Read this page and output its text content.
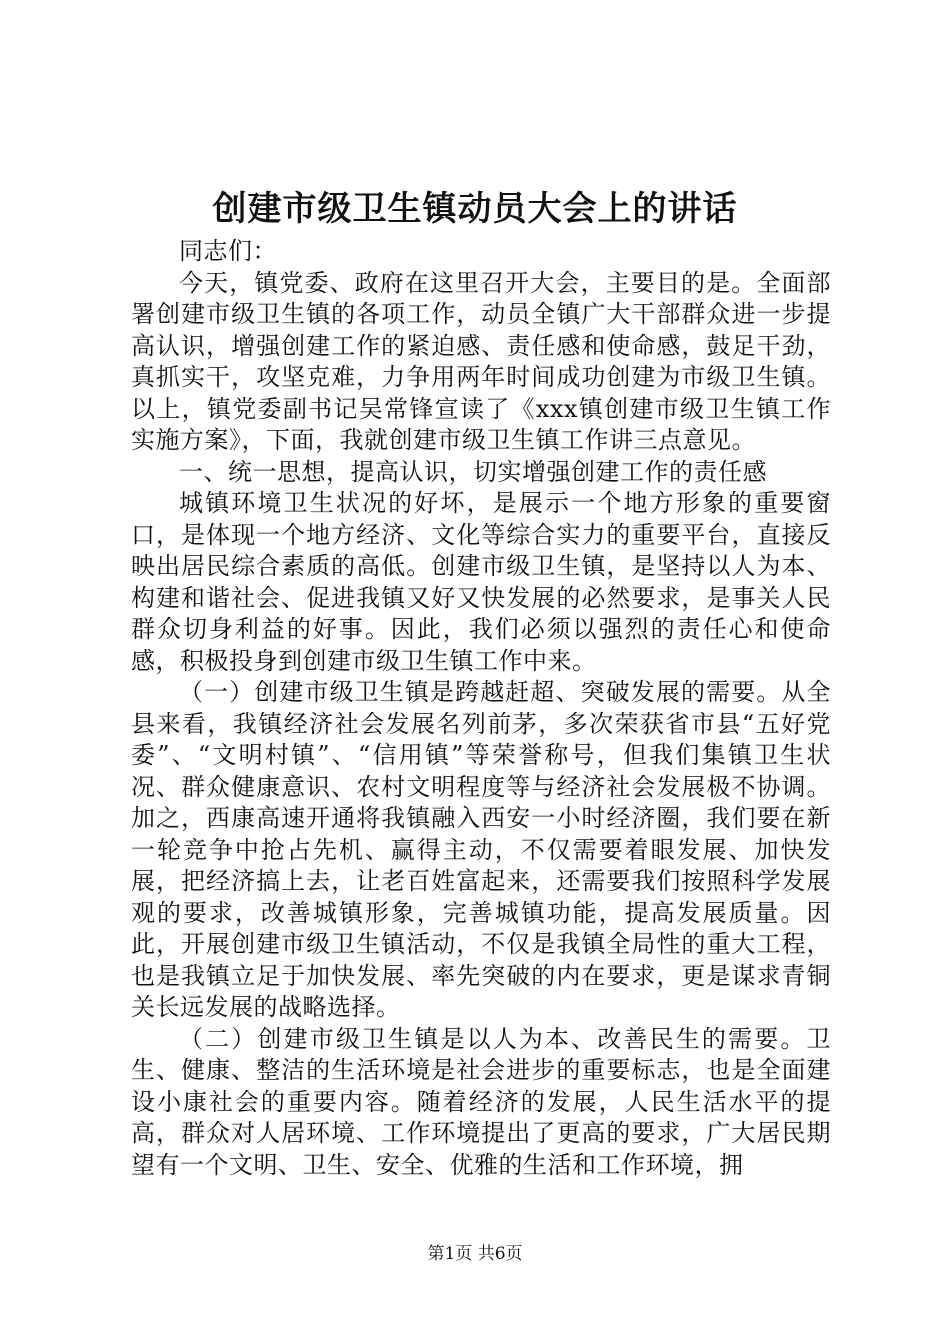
创建市级卫生镇动员大会上的讲话

同志们：

今天，镇党委、政府在这里召开大会，主要目的是。全面部署创建市级卫生镇的各项工作，动员全镇广大干部群众进一步提高认识，增强创建工作的紧迫感、责任感和使命感，鼓足干劲，真抓实干，攻坚克难，力争用两年时间成功创建为市级卫生镇。以上，镇党委副书记吴常锋宣读了《xxx镇创建市级卫生镇工作实施方案》，下面，我就创建市级卫生镇工作讲三点意见。

一、统一思想，提高认识，切实增强创建工作的责任感

城镇环境卫生状况的好坏，是展示一个地方形象的重要窗口，是体现一个地方经济、文化等综合实力的重要平台，直接反映出居民综合素质的高低。创建市级卫生镇，是坚持以人为本、构建和谐社会、促进我镇又好又快发展的必然要求，是事关人民群众切身利益的好事。因此，我们必须以强烈的责任心和使命感，积极投身到创建市级卫生镇工作中来。

（一）创建市级卫生镇是跨越赶超、突破发展的需要。从全县来看，我镇经济社会发展名列前茅，多次荣获省市县“五好党委”、“文明村镇”、“信用镇”等荣誉称号，但我们集镇卫生状况、群众健康意识、农村文明程度等与经济社会发展极不协调。加之，西康高速开通将我镇融入西安一小时经济圈，我们要在新一轮竞争中抢占先机、赢得主动，不仅需要着眼发展、加快发展，把经济搞上去，让老百姓富起来，还需要我们按照科学发展观的要求，改善城镇形象，完善城镇功能，提高发展质量。因此，开展创建市级卫生镇活动，不仅是我镇全局性的重大工程，也是我镇立足于加快发展、率先突破的内在要求，更是谋求青铜关长远发展的战略选择。

（二）创建市级卫生镇是以人为本、改善民生的需要。卫生、健康、整洁的生活环境是社会进步的重要标志，也是全面建设小康社会的重要内容。随着经济的发展，人民生活水平的提高，群众对人居环境、工作环境提出了更高的要求，广大居民期望有一个文明、卫生、安全、优雅的生活和工作环境，拥

第1页 共6页
